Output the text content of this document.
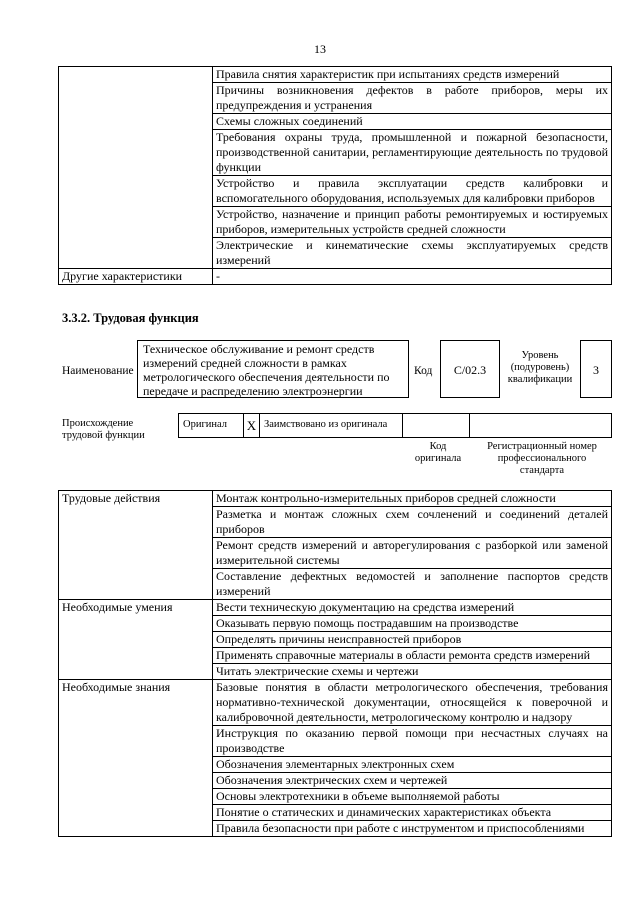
13
	Правила снятия характеристик при испытаниях средств измерений
	Причины возникновения дефектов в работе приборов, меры их предупреждения и устранения
	Схемы сложных соединений
	Требования охраны труда, промышленной и пожарной безопасности, производственной санитарии, регламентирующие деятельность по трудовой функции
	Устройство и правила эксплуатации средств калибровки и вспомогательного оборудования, используемых для калибровки приборов
	Устройство, назначение и принцип работы ремонтируемых и юстируемых приборов, измерительных устройств средней сложности
	Электрические и кинематические схемы эксплуатируемых средств измерений
Другие характеристики	-
3.3.2. Трудовая функция
Наименование
Техническое обслуживание и ремонт средств измерений средней сложности в рамках метрологического обеспечения деятельности по передаче и распределению электроэнергии
Код	C/02.3
Уровень (подуровень) квалификации
3
Происхождение трудовой функции
Оригинал X Заимствовано из оригинала
Код оригинала
Регистрационный номер профессионального стандарта
Трудовые действия	Монтаж контрольно-измерительных приборов средней сложности
	Разметка и монтаж сложных схем сочленений и соединений деталей приборов
	Ремонт средств измерений и авторегулирования с разборкой или заменой измерительной системы
	Составление дефектных ведомостей и заполнение паспортов средств измерений
Необходимые умения	Вести техническую документацию на средства измерений
	Оказывать первую помощь пострадавшим на производстве
	Определять причины неисправностей приборов
	Применять справочные материалы в области ремонта средств измерений
	Читать электрические схемы и чертежи
Необходимые знания	Базовые понятия в области метрологического обеспечения, требования нормативно-технической документации, относящейся к поверочной и калибровочной деятельности, метрологическому контролю и надзору
	Инструкция по оказанию первой помощи при несчастных случаях на производстве
	Обозначения элементарных электронных схем
	Обозначения электрических схем и чертежей
	Основы электротехники в объеме выполняемой работы
	Понятие о статических и динамических характеристиках объекта
	Правила безопасности при работе с инструментом и приспособлениями
